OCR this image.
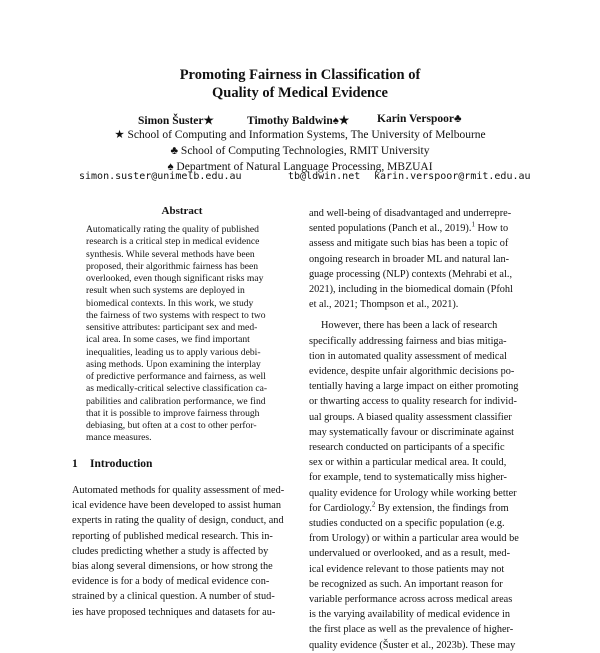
Promoting Fairness in Classification of
Quality of Medical Evidence
Simon Šuster★	Timothy Baldwin♠★ Karin Verspoor♣
★ School of Computing and Information Systems, The University of Melbourne
♣ School of Computing Technologies, RMIT University
♠ Department of Natural Language Processing, MBZUAI
simon.suster@unimelb.edu.au	tb@ldwin.net karin.verspoor@rmit.edu.au
Abstract
Automatically rating the quality of published
research is a critical step in medical evidence
synthesis. While several methods have been
proposed, their algorithmic fairness has been
overlooked, even though significant risks may
result when such systems are deployed in
biomedical contexts. In this work, we study
the fairness of two systems with respect to two
sensitive attributes: participant sex and med-
ical area. In some cases, we find important
inequalities, leading us to apply various debi-
asing methods. Upon examining the interplay
of predictive performance and fairness, as well
as medically-critical selective classification ca-
pabilities and calibration performance, we find
that it is possible to improve fairness through
debiasing, but often at a cost to other perfor-
mance measures.
1 Introduction
Automated methods for quality assessment of med-
ical evidence have been developed to assist human
experts in rating the quality of design, conduct, and
reporting of published medical research. This in-
cludes predicting whether a study is affected by
bias along several dimensions, or how strong the
evidence is for a body of medical evidence con-
strained by a clinical question. A number of stud-
ies have proposed techniques and datasets for au-
and well-being of disadvantaged and underrepre-
sented populations (Panch et al., 2019).$^1$ How to
assess and mitigate such bias has been a topic of
ongoing research in broader ML and natural lan-
guage processing (NLP) contexts (Mehrabi et al.,
2021), including in the biomedical domain (Pfohl
et al., 2021; Thompson et al., 2021).
However, there has been a lack of research
specifically addressing fairness and bias mitiga-
tion in automated quality assessment of medical
evidence, despite unfair algorithmic decisions po-
tentially having a large impact on either promoting
or thwarting access to quality research for individ-
ual groups. A biased quality assessment classifier
may systematically favour or discriminate against
research conducted on participants of a specific
sex or within a particular medical area. It could,
for example, tend to systematically miss higher-
quality evidence for Urology while working better
for Cardiology.$^2$ By extension, the findings from
studies conducted on a specific population (e.g.
from Urology) or within a particular area would be
undervalued or overlooked, and as a result, med-
ical evidence relevant to those patients may not
be recognized as such. An important reason for
variable performance across across medical areas
is the varying availability of medical evidence in
the first place as well as the prevalence of higher-
quality evidence (Šuster et al., 2023b). These may
